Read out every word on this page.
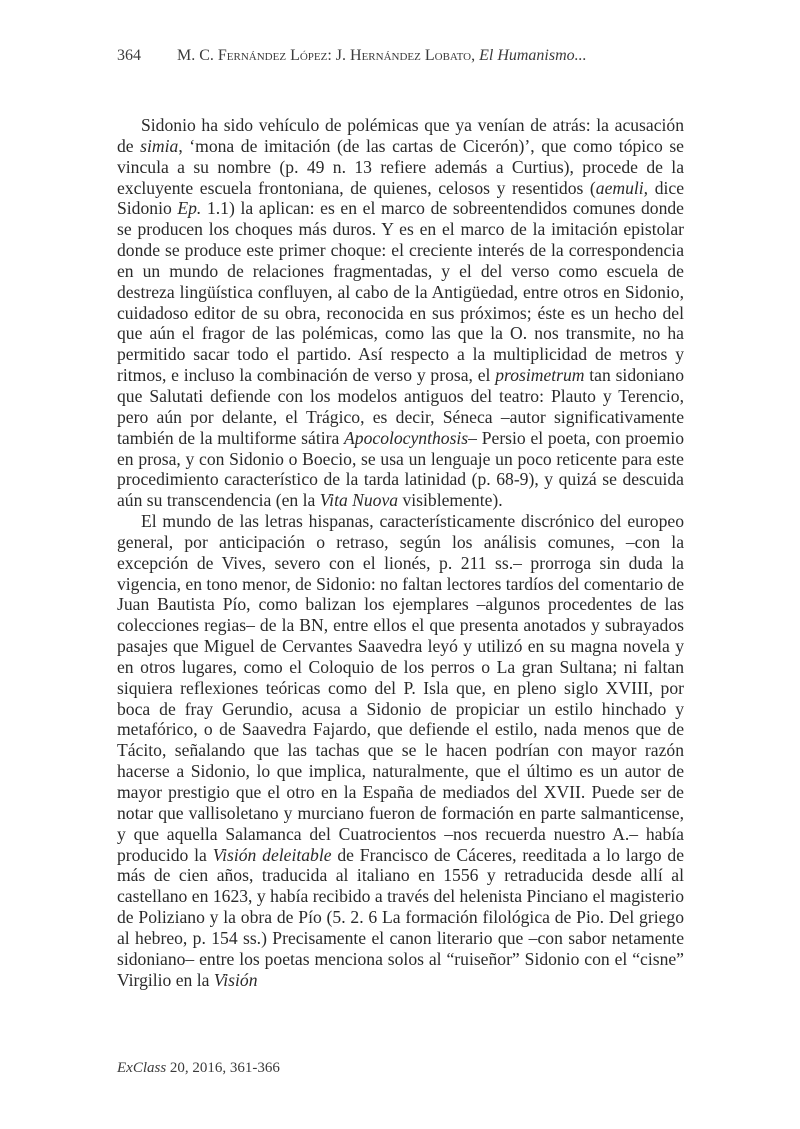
364 M. C. Fernández López: J. Hernández Lobato, El Humanismo...

Sidonio ha sido vehículo de polémicas que ya venían de atrás: la acusación de simia, ‘mona de imitación (de las cartas de Cicerón)’, que como tópico se vincula a su nombre (p. 49 n. 13 refiere además a Curtius), procede de la excluyente escuela frontoniana, de quienes, celosos y resentidos (aemuli, dice Sidonio Ep. 1.1) la aplican: es en el marco de sobreentendidos comunes donde se producen los choques más duros. Y es en el marco de la imitación epistolar donde se produce este primer choque: el creciente interés de la correspondencia en un mundo de relaciones fragmentadas, y el del verso como escuela de destreza lingüística confluyen, al cabo de la Antigüedad, entre otros en Sidonio, cuidadoso editor de su obra, reconocida en sus próximos; éste es un hecho del que aún el fragor de las polémicas, como las que la O. nos transmite, no ha permitido sacar todo el partido. Así respecto a la multiplicidad de metros y ritmos, e incluso la combinación de verso y prosa, el prosimetrum tan sidoniano que Salutati defiende con los modelos antiguos del teatro: Plauto y Terencio, pero aún por delante, el Trágico, es decir, Séneca –autor significativamente también de la multiforme sátira Apocolocynthosis– Persio el poeta, con proemio en prosa, y con Sidonio o Boecio, se usa un lenguaje un poco reticente para este procedimiento característico de la tarda latinidad (p. 68-9), y quizá se descuida aún su transcendencia (en la Vita Nuova visiblemente).

El mundo de las letras hispanas, característicamente discrónico del europeo general, por anticipación o retraso, según los análisis comunes, –con la excepción de Vives, severo con el lionés, p. 211 ss.– prorroga sin duda la vigencia, en tono menor, de Sidonio: no faltan lectores tardíos del comentario de Juan Bautista Pío, como balizan los ejemplares –algunos procedentes de las colecciones regias– de la BN, entre ellos el que presenta anotados y subrayados pasajes que Miguel de Cervantes Saavedra leyó y utilizó en su magna novela y en otros lugares, como el Coloquio de los perros o La gran Sultana; ni faltan siquiera reflexiones teóricas como del P. Isla que, en pleno siglo XVIII, por boca de fray Gerundio, acusa a Sidonio de propiciar un estilo hinchado y metafórico, o de Saavedra Fajardo, que defiende el estilo, nada menos que de Tácito, señalando que las tachas que se le hacen podrían con mayor razón hacerse a Sidonio, lo que implica, naturalmente, que el último es un autor de mayor prestigio que el otro en la España de mediados del XVII. Puede ser de notar que vallisoletano y murciano fueron de formación en parte salmanticense, y que aquella Salamanca del Cuatrocientos –nos recuerda nuestro A.– había producido la Visión deleitable de Francisco de Cáceres, reeditada a lo largo de más de cien años, traducida al italiano en 1556 y retraducida desde allí al castellano en 1623, y había recibido a través del helenista Pinciano el magisterio de Poliziano y la obra de Pío (5. 2. 6 La formación filológica de Pio. Del griego al hebreo, p. 154 ss.) Precisamente el canon literario que –con sabor netamente sidoniano– entre los poetas menciona solos al “ruiseñor” Sidonio con el “cisne” Virgilio en la Visión

ExClass 20, 2016, 361-366
